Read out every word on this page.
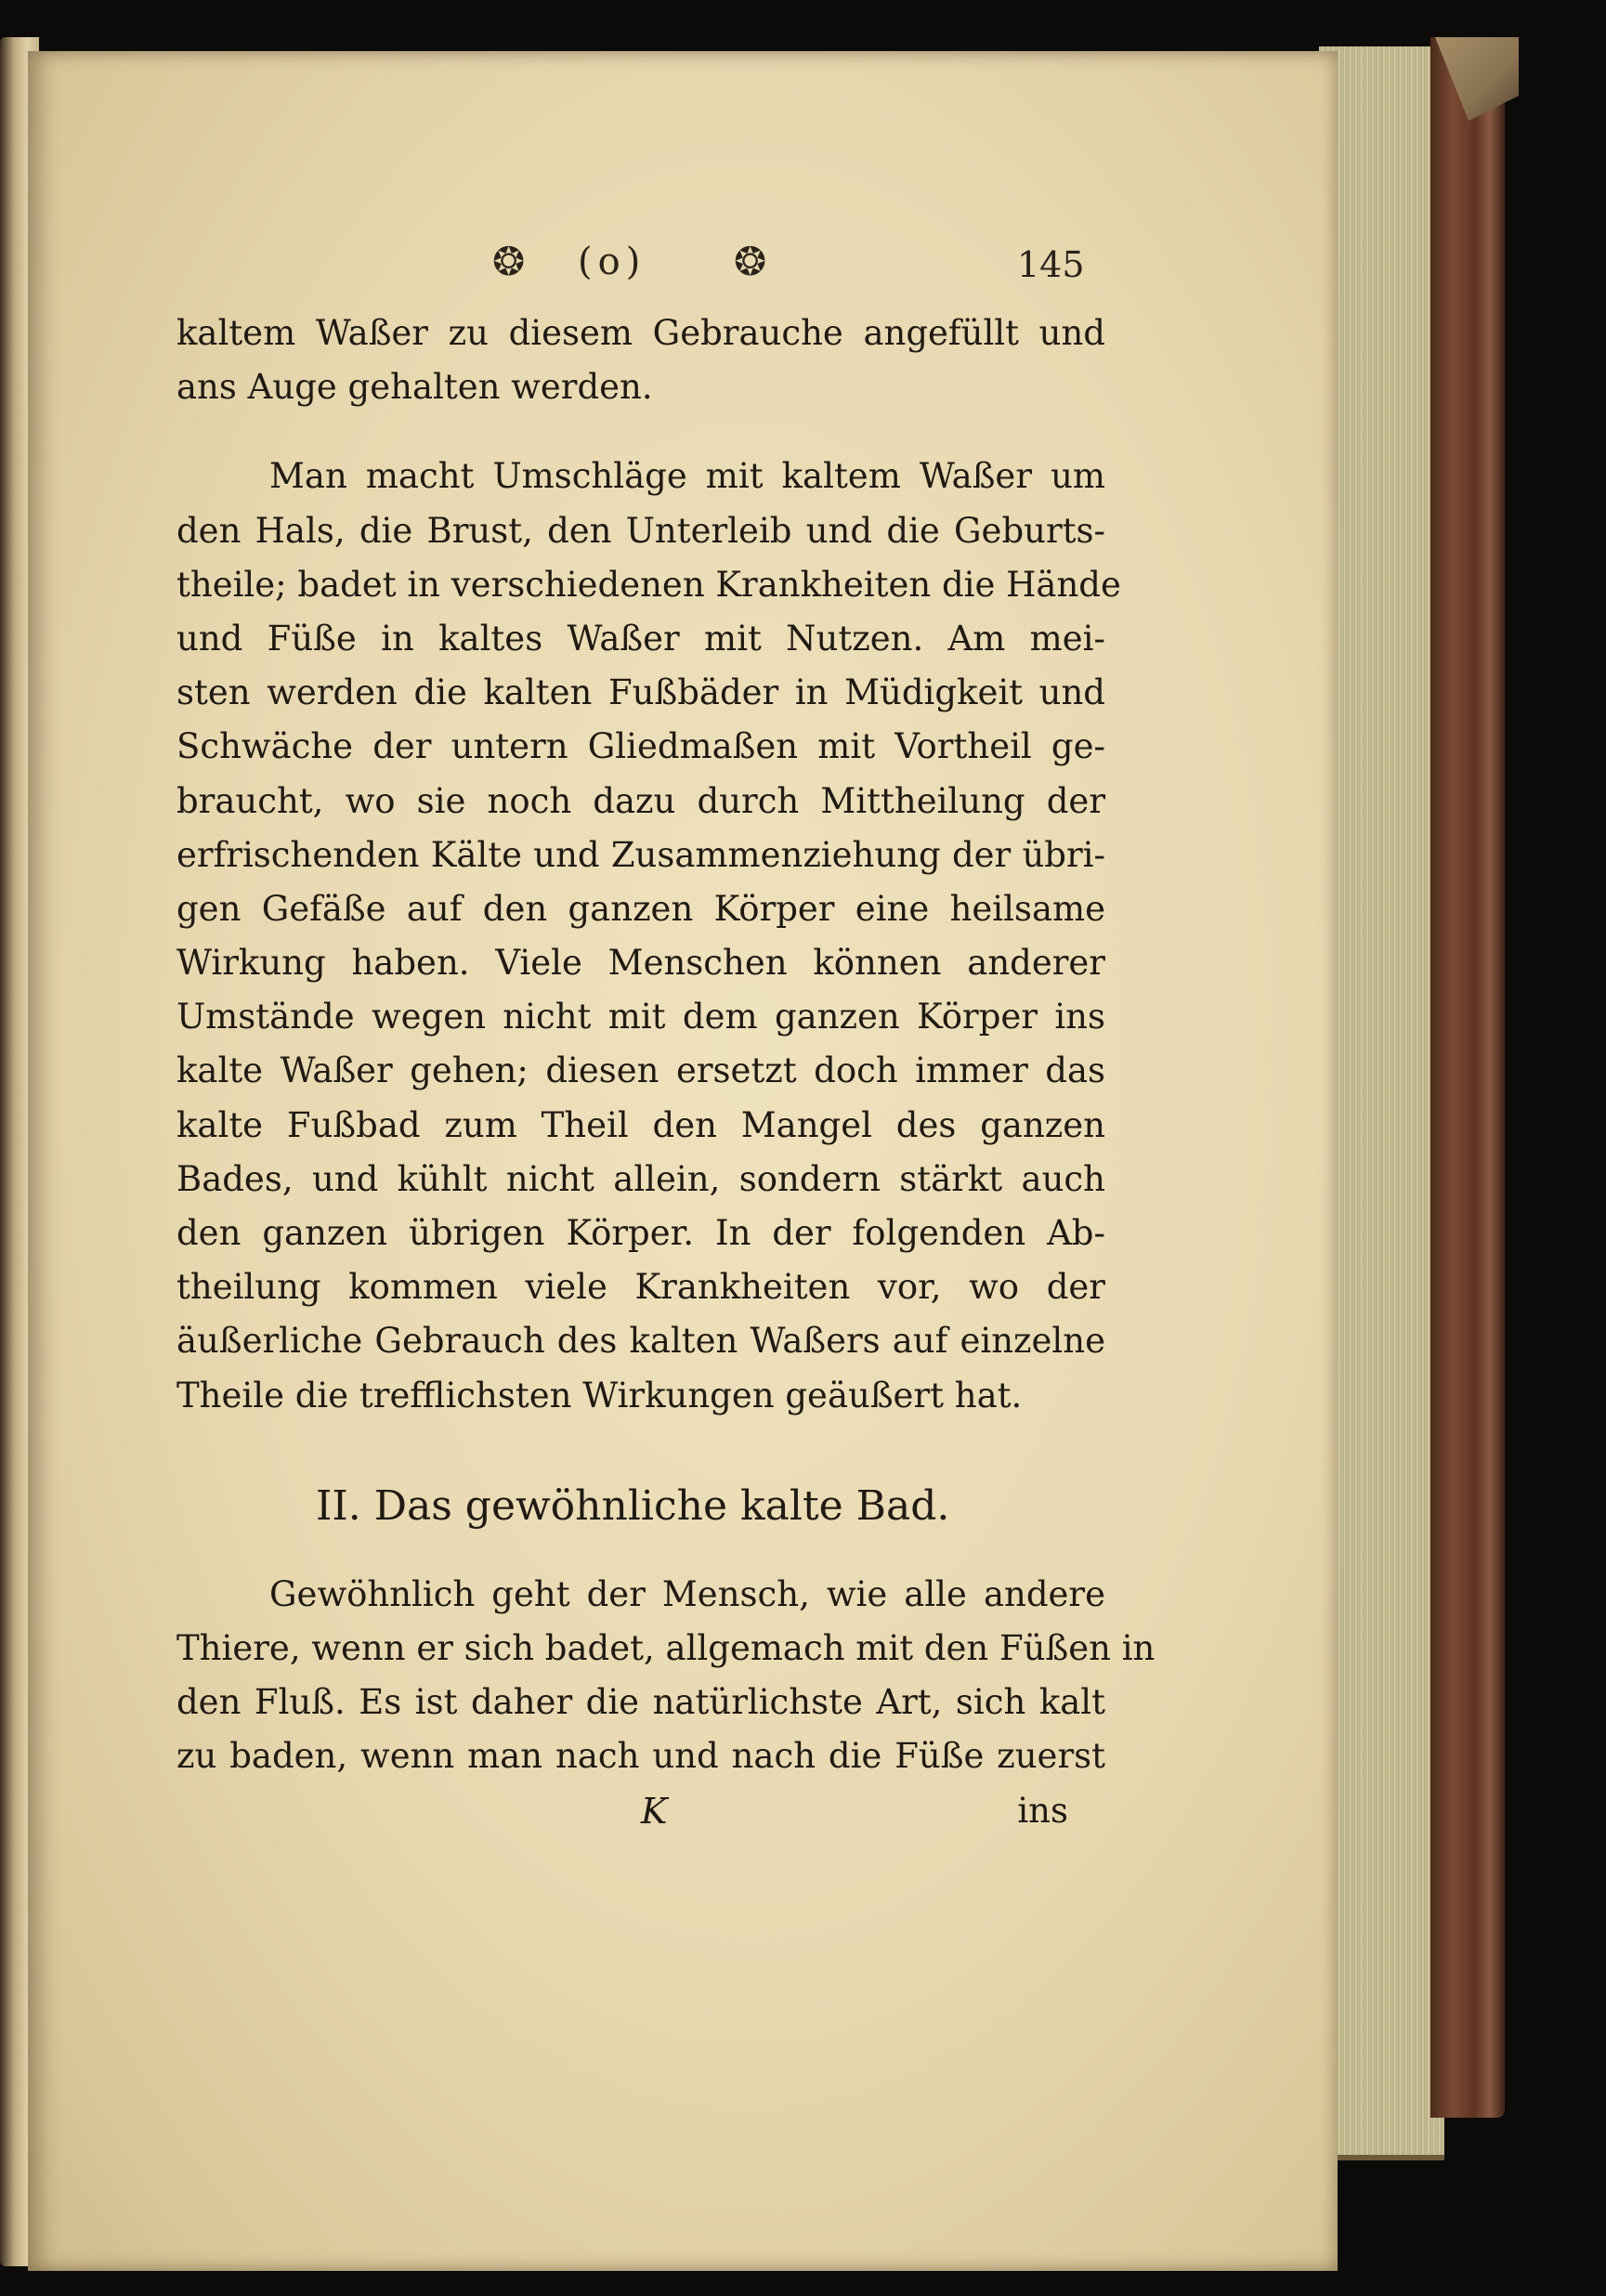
❂ (o) ❂	145
kaltem Waßer zu diesem Gebrauche angefüllt und
ans Auge gehalten werden.
Man macht Umschläge mit kaltem Waßer um
den Hals, die Brust, den Unterleib und die Geburts-
theile; badet in verschiedenen Krankheiten die Hände
und Füße in kaltes Waßer mit Nutzen. Am mei-
sten werden die kalten Fußbäder in Müdigkeit und
Schwäche der untern Gliedmaßen mit Vortheil ge-
braucht, wo sie noch dazu durch Mittheilung der
erfrischenden Kälte und Zusammenziehung der übri-
gen Gefäße auf den ganzen Körper eine heilsame
Wirkung haben. Viele Menschen können anderer
Umstände wegen nicht mit dem ganzen Körper ins
kalte Waßer gehen; diesen ersetzt doch immer das
kalte Fußbad zum Theil den Mangel des ganzen
Bades, und kühlt nicht allein, sondern stärkt auch
den ganzen übrigen Körper. In der folgenden Ab-
theilung kommen viele Krankheiten vor, wo der
äußerliche Gebrauch des kalten Waßers auf einzelne
Theile die trefflichsten Wirkungen geäußert hat.
II. Das gewöhnliche kalte Bad.
Gewöhnlich geht der Mensch, wie alle andere
Thiere, wenn er sich badet, allgemach mit den Füßen in
den Fluß. Es ist daher die natürlichste Art, sich kalt
zu baden, wenn man nach und nach die Füße zuerst
K	ins
